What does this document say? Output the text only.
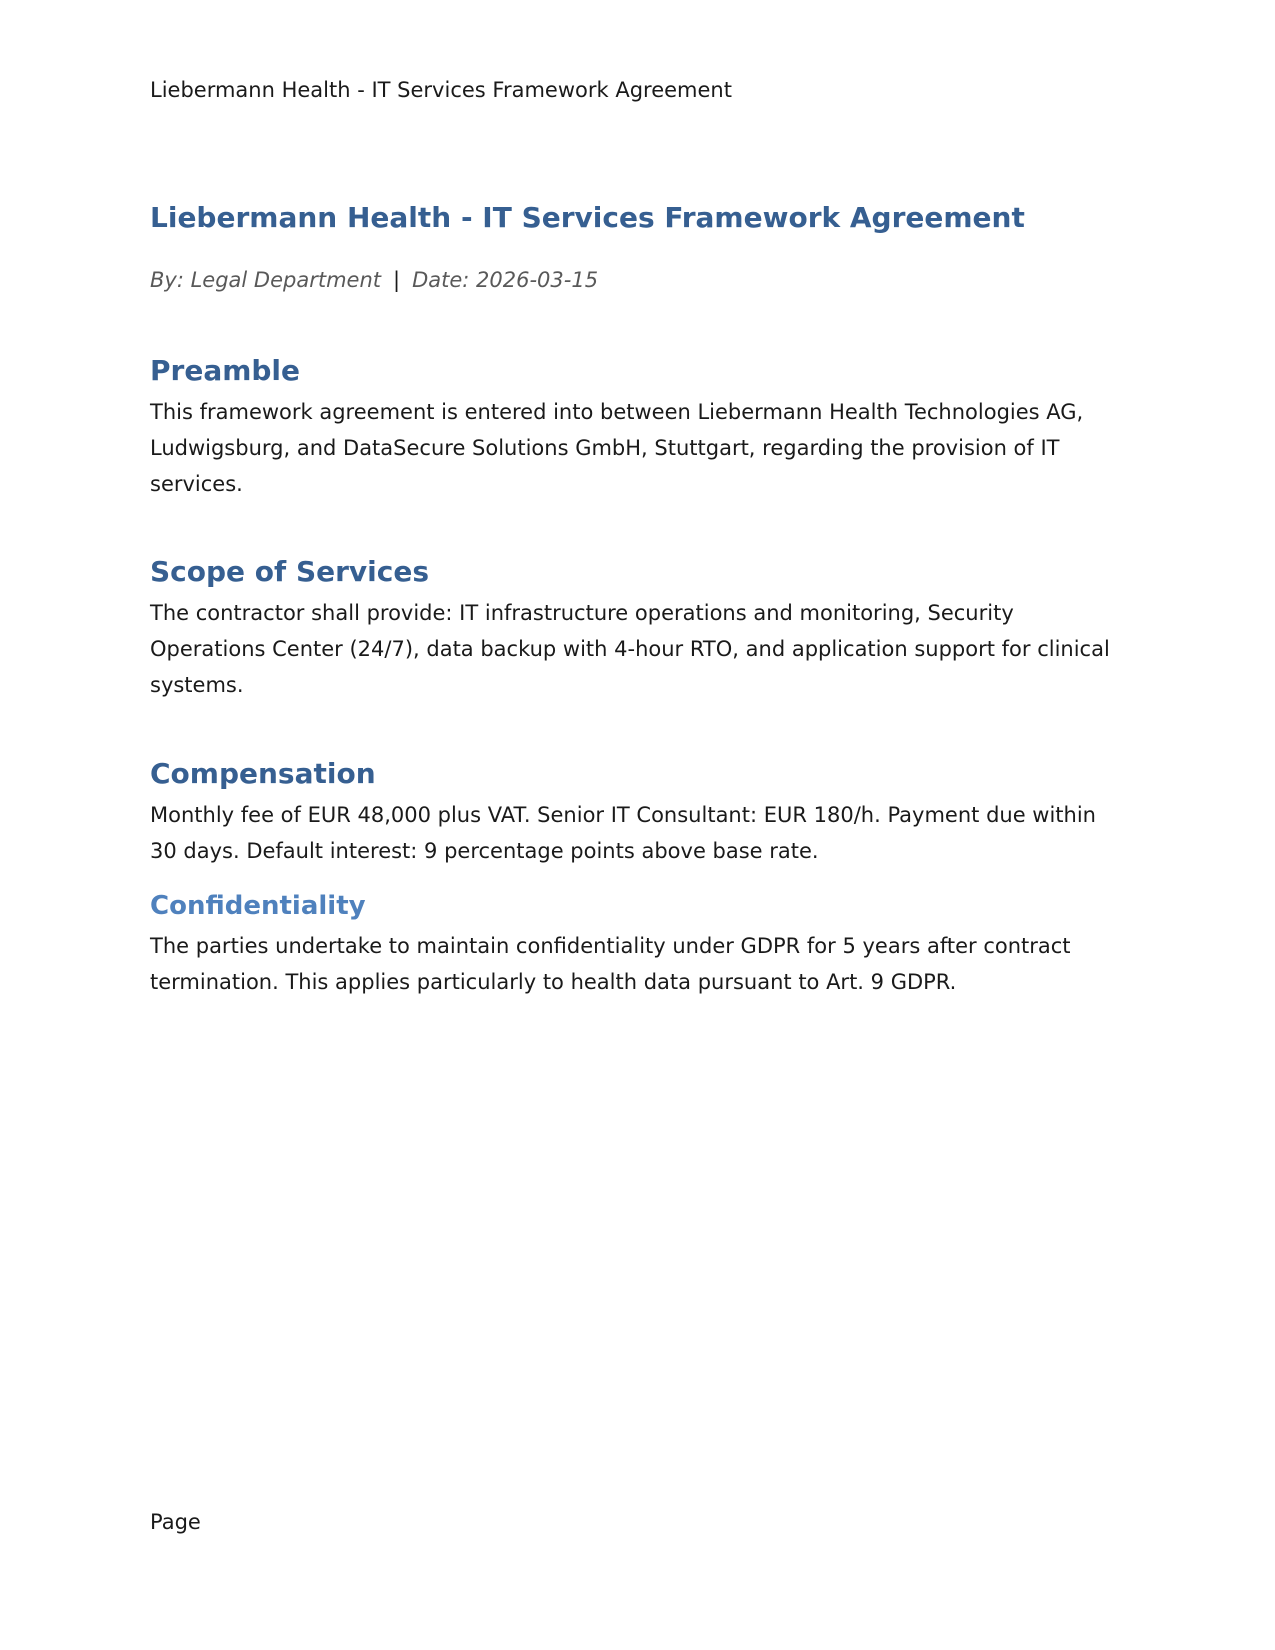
Liebermann Health - IT Services Framework Agreement
Liebermann Health - IT Services Framework Agreement
By: Legal Department | Date: 2026-03-15
Preamble

This framework agreement is entered into between Liebermann Health Technologies AG, Ludwigsburg, and DataSecure Solutions GmbH, Stuttgart, regarding the provision of IT services.

Scope of Services

The contractor shall provide: IT infrastructure operations and monitoring, Security Operations Center (24/7), data backup with 4-hour RTO, and application support for clinical systems.

Compensation

Monthly fee of EUR 48,000 plus VAT. Senior IT Consultant: EUR 180/h. Payment due within 30 days. Default interest: 9 percentage points above base rate.

Confidentiality

The parties undertake to maintain confidentiality under GDPR for 5 years after contract termination. This applies particularly to health data pursuant to Art. 9 GDPR.

Page
